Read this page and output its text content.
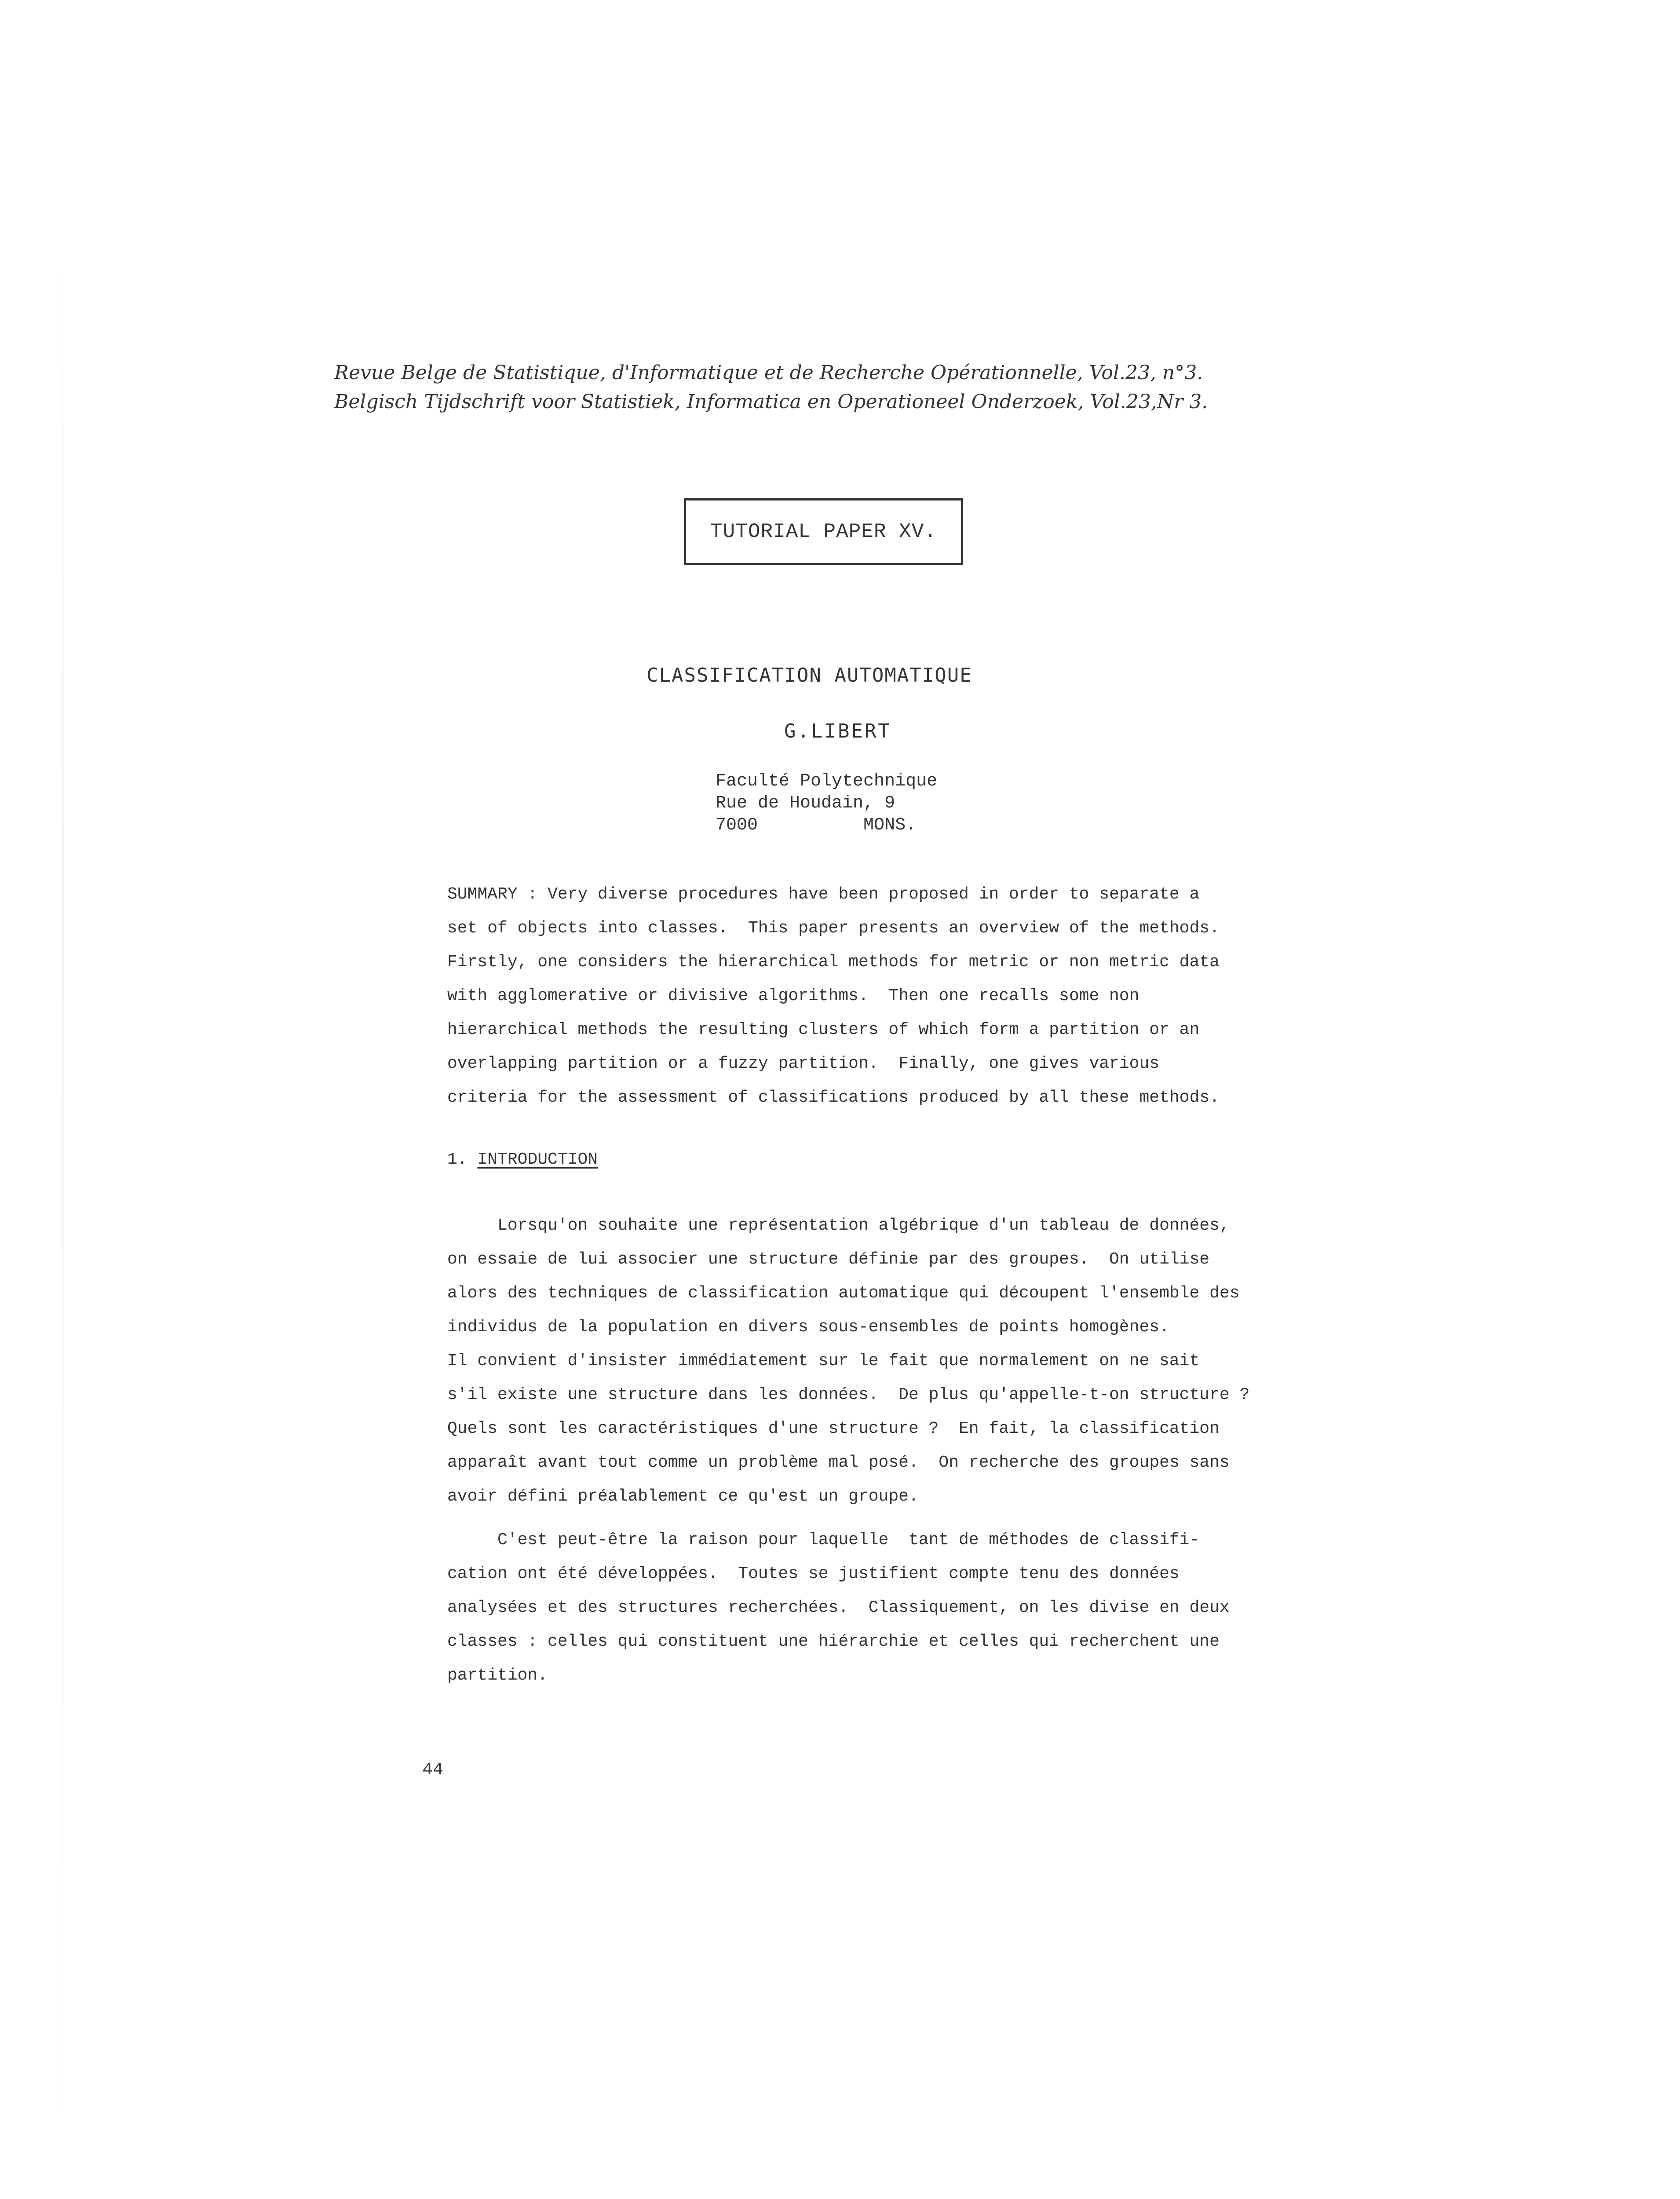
Revue Belge de Statistique, d'Informatique et de Recherche Opérationnelle, Vol.23, n°3.
Belgisch Tijdschrift voor Statistiek, Informatica en Operationeel Onderzoek, Vol.23,Nr 3.
TUTORIAL PAPER XV.
CLASSIFICATION AUTOMATIQUE
G.LIBERT
Faculté Polytechnique
Rue de Houdain, 9
7000          MONS.
SUMMARY : Very diverse procedures have been proposed in order to separate a
set of objects into classes.  This paper presents an overview of the methods.
Firstly, one considers the hierarchical methods for metric or non metric data
with agglomerative or divisive algorithms.  Then one recalls some non
hierarchical methods the resulting clusters of which form a partition or an
overlapping partition or a fuzzy partition.  Finally, one gives various
criteria for the assessment of classifications produced by all these methods.
1. INTRODUCTION
Lorsqu'on souhaite une représentation algébrique d'un tableau de données,
on essaie de lui associer une structure définie par des groupes.  On utilise
alors des techniques de classification automatique qui découpent l'ensemble des
individus de la population en divers sous-ensembles de points homogènes.
Il convient d'insister immédiatement sur le fait que normalement on ne sait
s'il existe une structure dans les données.  De plus qu'appelle-t-on structure ?
Quels sont les caractéristiques d'une structure ?  En fait, la classification
apparaît avant tout comme un problème mal posé.  On recherche des groupes sans
avoir défini préalablement ce qu'est un groupe.
C'est peut-être la raison pour laquelle  tant de méthodes de classifi-
cation ont été développées.  Toutes se justifient compte tenu des données
analysées et des structures recherchées.  Classiquement, on les divise en deux
classes : celles qui constituent une hiérarchie et celles qui recherchent une
partition.
44
